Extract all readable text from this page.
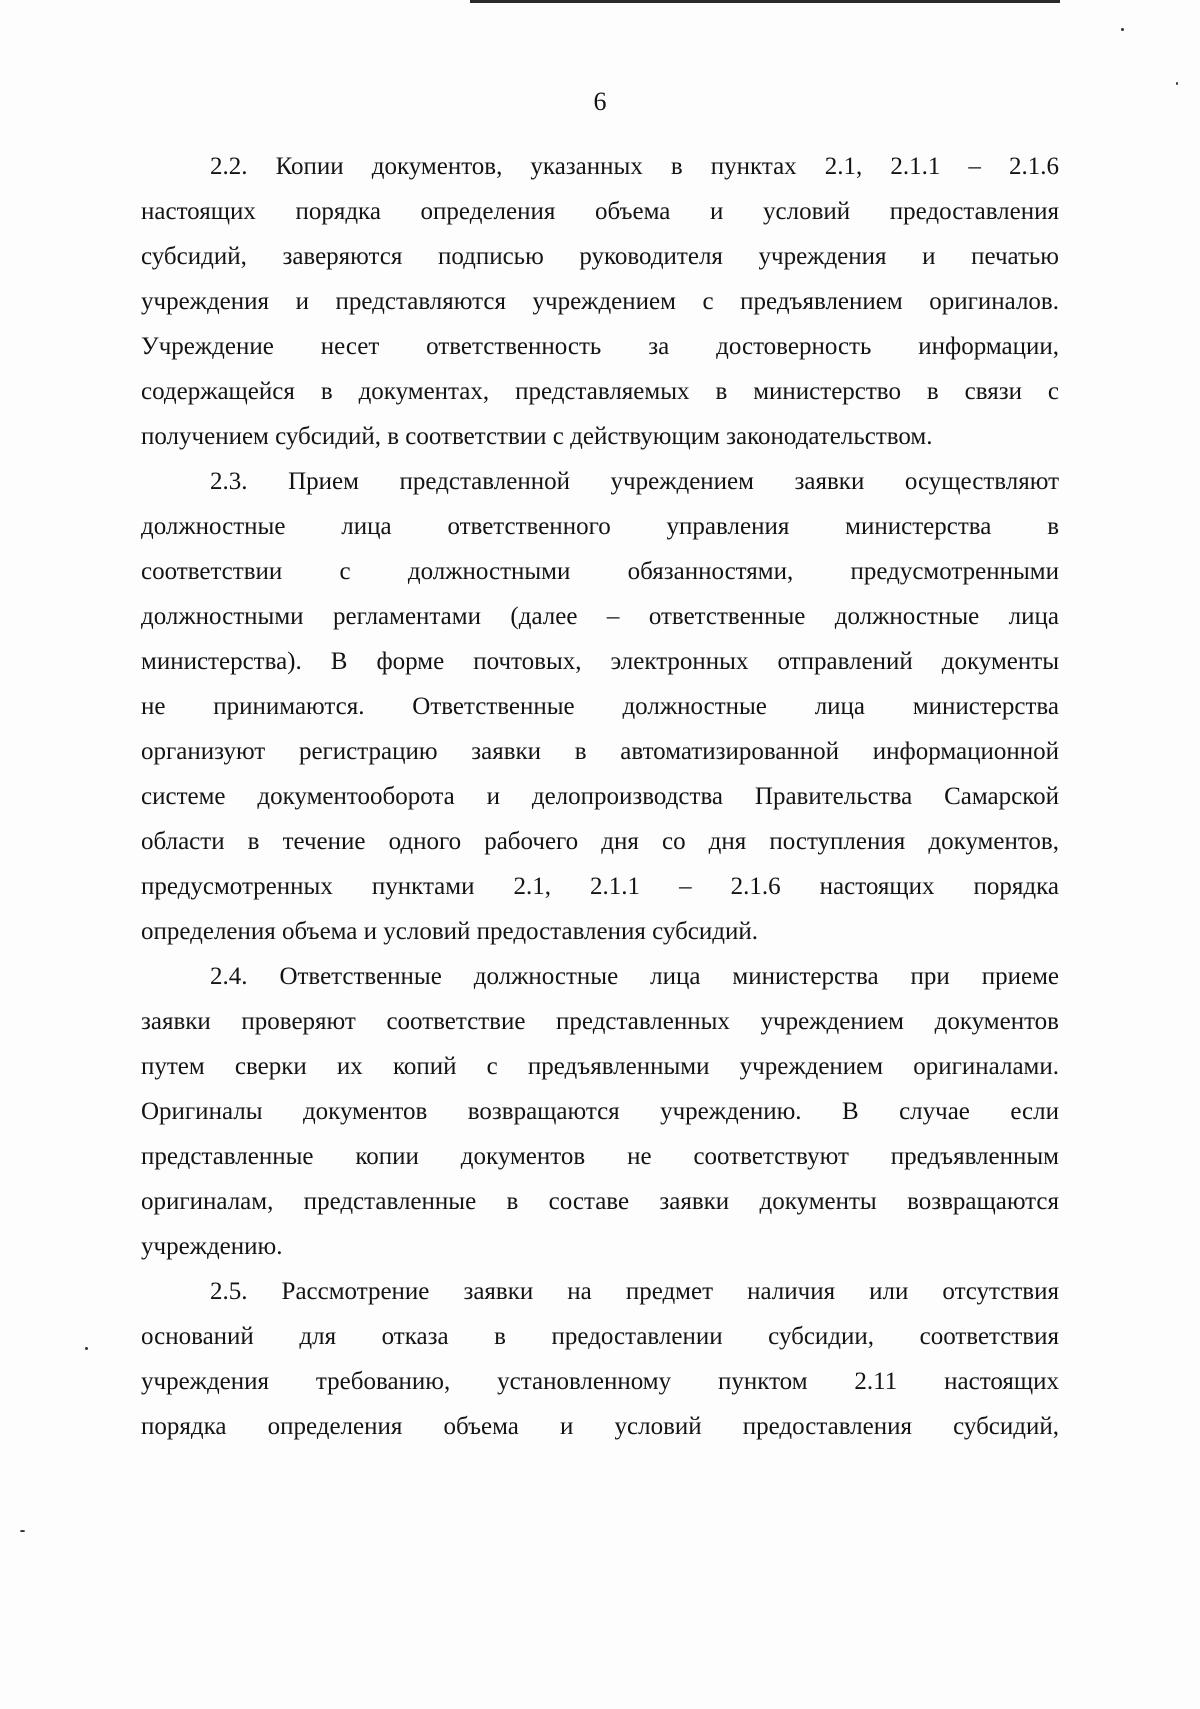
6
2.2. Копии документов, указанных в пунктах 2.1, 2.1.1 – 2.1.6
настоящих порядка определения объема и условий предоставления
субсидий, заверяются подписью руководителя учреждения и печатью
учреждения и представляются учреждением с предъявлением оригиналов.
Учреждение несет ответственность за достоверность информации,
содержащейся в документах, представляемых в министерство в связи с
получением субсидий, в соответствии с действующим законодательством.
2.3. Прием представленной учреждением заявки осуществляют
должностные лица ответственного управления министерства в
соответствии с должностными обязанностями, предусмотренными
должностными регламентами (далее – ответственные должностные лица
министерства). В форме почтовых, электронных отправлений документы
не принимаются. Ответственные должностные лица министерства
организуют регистрацию заявки в автоматизированной информационной
системе документооборота и делопроизводства Правительства Самарской
области в течение одного рабочего дня со дня поступления документов,
предусмотренных пунктами 2.1, 2.1.1 – 2.1.6 настоящих порядка
определения объема и условий предоставления субсидий.
2.4. Ответственные должностные лица министерства при приеме
заявки проверяют соответствие представленных учреждением документов
путем сверки их копий с предъявленными учреждением оригиналами.
Оригиналы документов возвращаются учреждению. В случае если
представленные копии документов не соответствуют предъявленным
оригиналам, представленные в составе заявки документы возвращаются
учреждению.
2.5. Рассмотрение заявки на предмет наличия или отсутствия
оснований для отказа в предоставлении субсидии, соответствия
учреждения требованию, установленному пунктом 2.11 настоящих
порядка определения объема и условий предоставления субсидий,
